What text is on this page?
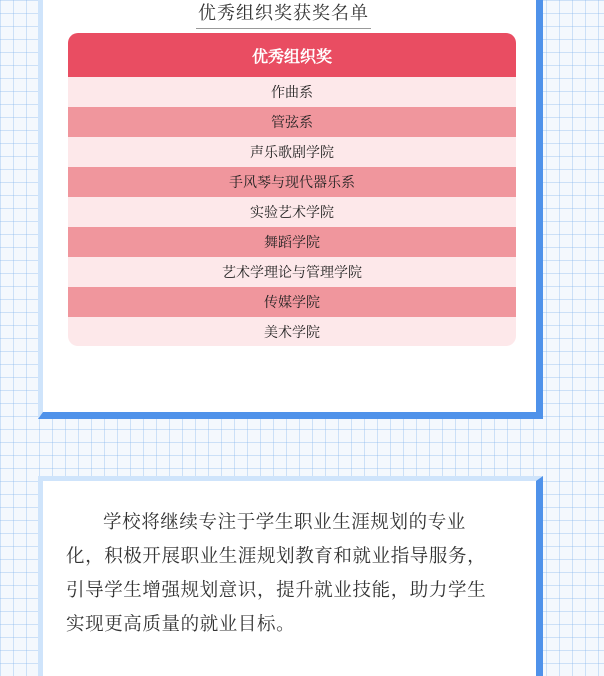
优秀组织奖获奖名单
优秀组织奖
作曲系
管弦系
声乐歌剧学院
手风琴与现代器乐系
实验艺术学院
舞蹈学院
艺术学理论与管理学院
传媒学院
美术学院

学校将继续专注于学生职业生涯规划的专业化，积极开展职业生涯规划教育和就业指导服务，引导学生增强规划意识，提升就业技能，助力学生实现更高质量的就业目标。
